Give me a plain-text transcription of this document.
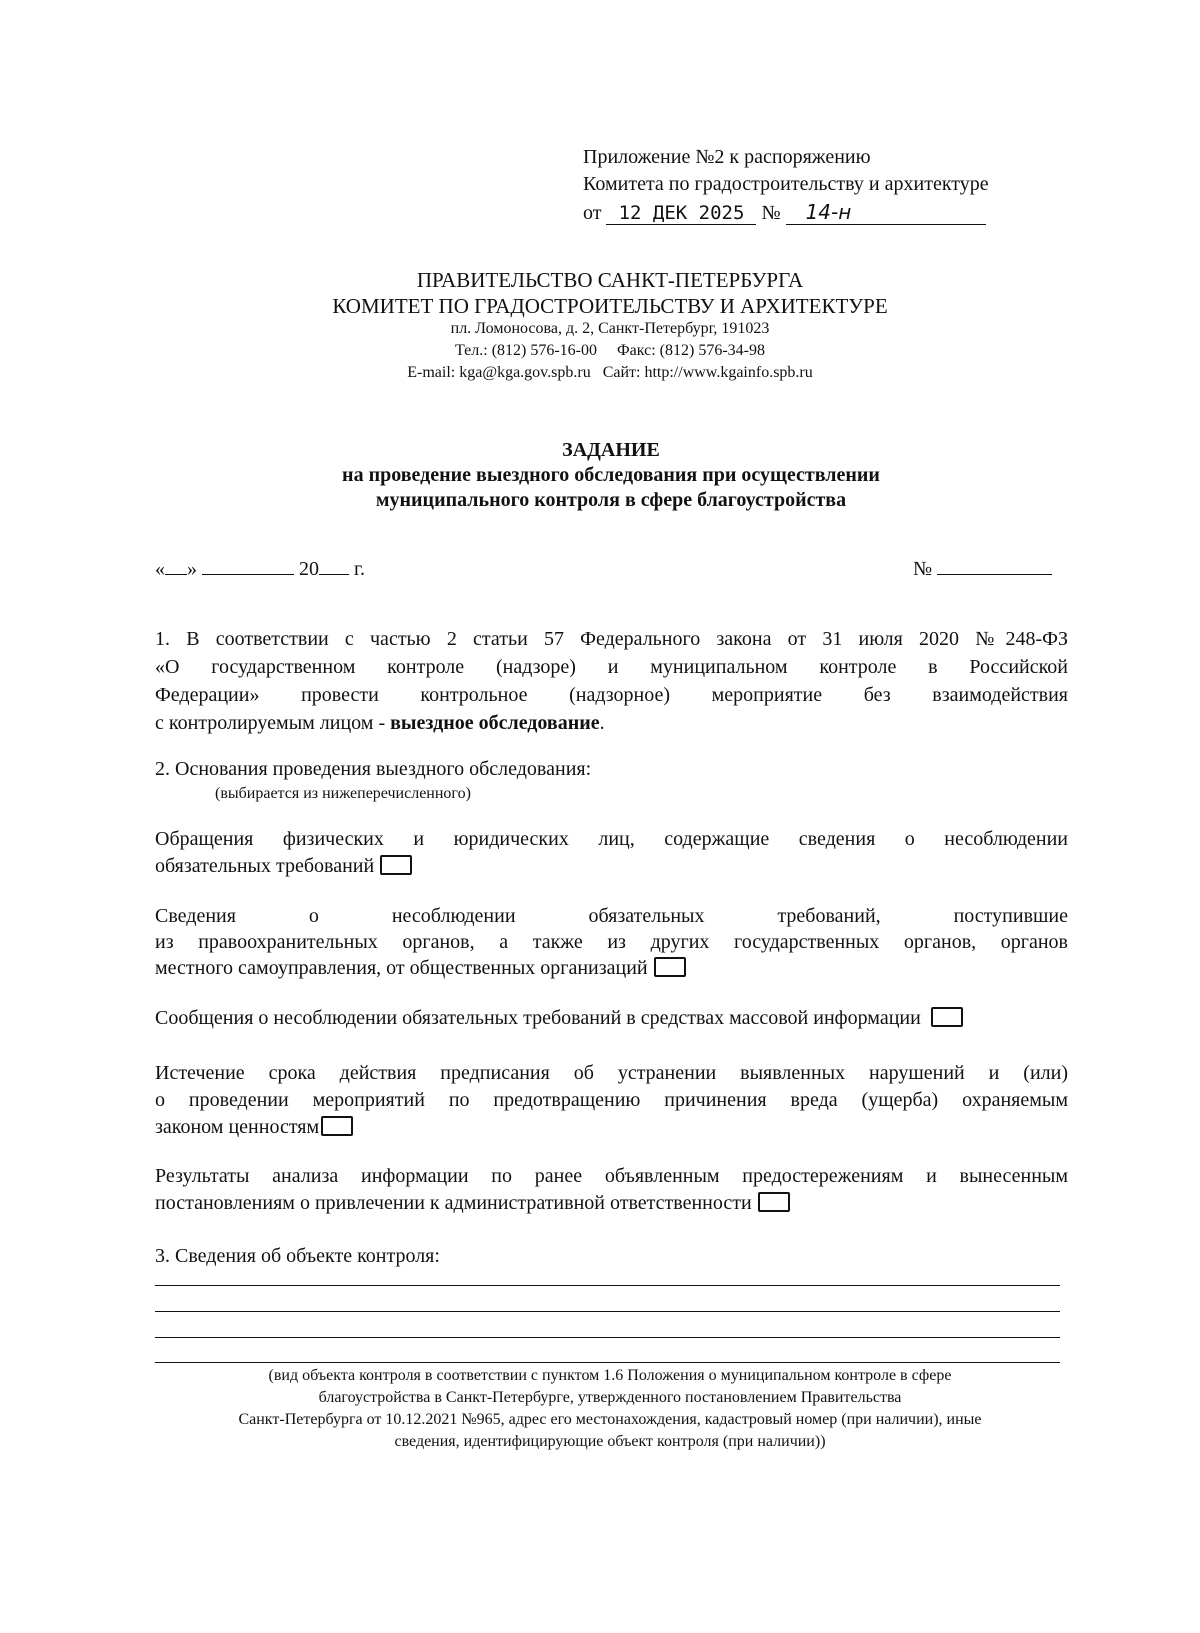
Приложение №2 к распоряжению
Комитета по градостроительству и архитектуре
от 12 ДЕК 2025 № 14-н
ПРАВИТЕЛЬСТВО САНКТ-ПЕТЕРБУРГА
КОМИТЕТ ПО ГРАДОСТРОИТЕЛЬСТВУ И АРХИТЕКТУРЕ
пл. Ломоносова, д. 2, Санкт-Петербург, 191023
Тел.: (812) 576-16-00 Факс: (812) 576-34-98
E-mail: kga@kga.gov.spb.ru Сайт: http://www.kgainfo.spb.ru
ЗАДАНИЕ
на проведение выездного обследования при осуществлении
муниципального контроля в сфере благоустройства
« »	20 г.	№
1. В соответствии с частью 2 статьи 57 Федерального закона от 31 июля 2020 №248-ФЗ
«О государственном контроле (надзоре) и муниципальном контроле в Российской
Федерации» провести контрольное (надзорное) мероприятие без взаимодействия
с контролируемым лицом - выездное обследование.
2. Основания проведения выездного обследования:
(выбирается из нижеперечисленного)
Обращения физических и юридических лиц, содержащие сведения о несоблюдении
обязательных требований
Сведения о несоблюдении обязательных требований, поступившие
из правоохранительных органов, а также из других государственных органов, органов
местного самоуправления, от общественных организаций
Сообщения о несоблюдении обязательных требований в средствах массовой информации
Истечение срока действия предписания об устранении выявленных нарушений и (или)
о проведении мероприятий по предотвращению причинения вреда (ущерба) охраняемым
законом ценностям
Результаты анализа информации по ранее объявленным предостережениям и вынесенным
постановлениям о привлечении к административной ответственности
3. Сведения об объекте контроля:
(вид объекта контроля в соответствии с пунктом 1.6 Положения о муниципальном контроле в сфере
благоустройства в Санкт-Петербурге, утвержденного постановлением Правительства
Санкт-Петербурга от 10.12.2021 №965, адрес его местонахождения, кадастровый номер (при наличии), иные
сведения, идентифицирующие объект контроля (при наличии))
